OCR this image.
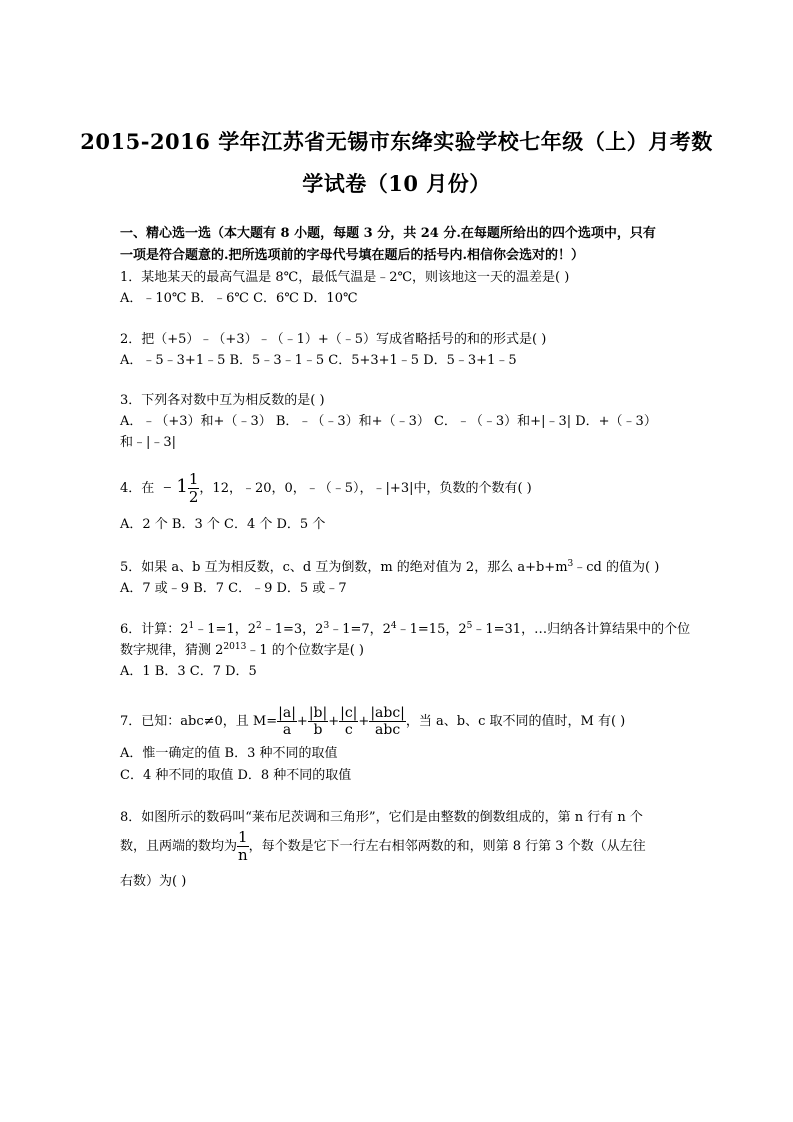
2015-2016 学年江苏省无锡市东绛实验学校七年级（上）月考数
学试卷（10 月份）
一、精心选一选（本大题有 8 小题，每题 3 分，共 24 分.在每题所给出的四个选项中，只有
一项是符合题意的.把所选项前的字母代号填在题后的括号内.相信你会选对的！）
1．某地某天的最高气温是 8℃，最低气温是﹣2℃，则该地这一天的温差是( )
A．﹣10℃ B．﹣6℃ C．6℃ D．10℃
2．把（+5）﹣（+3）﹣（﹣1）+（﹣5）写成省略括号的和的形式是( )
A．﹣5﹣3+1﹣5 B．5﹣3﹣1﹣5 C．5+3+1﹣5 D．5﹣3+1﹣5
3．下列各对数中互为相反数的是( )
A．﹣（+3）和+（﹣3） B．﹣（﹣3）和+（﹣3） C．﹣（﹣3）和+|﹣3| D．+（﹣3）
和﹣|﹣3|
4．在 ﹣1 $\frac{1}{2}$ ，12，﹣20，0，﹣（﹣5），﹣|+3|中，负数的个数有( )
A．2 个 B．3 个 C．4 个 D．5 个
5．如果 a、b 互为相反数，c、d 互为倒数，m 的绝对值为 2，那么 $a+b+m^3﹣cd$ 的值为( )
A．7 或﹣9 B．7 C．﹣9 D．5 或﹣7
6．计算：$2^1﹣1=1$，$2^2﹣1=3$，$2^3﹣1=7$，$2^4﹣1=15$，$2^5﹣1=31$，…归纳各计算结果中的个位
数字规律，猜测 $2^{2013}﹣1$ 的个位数字是( )
A．1 B．3 C．7 D．5
7．已知：abc≠0，且 $M= \frac{|a|}{a} + \frac{|b|}{b} + \frac{|c|}{c} + \frac{\text{|abc|}}{\text{abc}}$ ，当 a、b、c 取不同的值时，M 有( )
A．惟一确定的值 B．3 种不同的取值
C．4 种不同的取值 D．8 种不同的取值
8．如图所示的数码叫“莱布尼茨调和三角形”，它们是由整数的倒数组成的，第 n 行有 n 个
数，且两端的数均为 $\frac{1}{n}$ ，每个数是它下一行左右相邻两数的和，则第 8 行第 3 个数（从左往
右数）为( )
